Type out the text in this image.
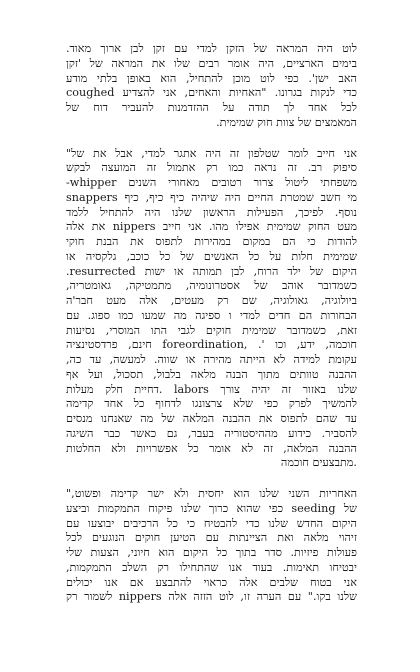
לוט היה המראה של הזקן למדי עם זקן לבן ארוך מאוד.
בימים הארציים, היה אומר רבים שלו את המראה של 'זקן
האב ישן'. כפי לוט מוכן להתחיל, הוא באופן בלתי מודע
כדי לנקות בגרונו. "האחיות והאחים, אני להצדיע coughed
לכל אחד לך תודה על ההזדמנות להעביר דוח של
המאמצים של צוות חוק שמימית.
אני חייב לומר שטלפון זה היה אתגר למדי, אבל את של"
סיפוק רב. זה נראה כמו רק אתמול זה המועצה לבקש
-whipper משפחתי ליטול צרור רטובים מאחורי השנים
מי חשב שמטרת החיים היה שיהיה כיף כיף, כיף snappers
נוסף. לפיכך, הפעילות הראשון שלנו היה להתחיל ללמד
מעט החוק שמימית אפילו מהו. אני חייב nippers את אלה
להודות כי הם במקום במהירות לתפוס את הבנת חוקי
שמימית חלות על כל האנשים של כל כוכב, גלקסיה או
.resurrected היקום של ילד הרוח, לבן תמותה או ישות
כשמדובר אוהב של אסטרונומיה, מתמטיקה, גאומטריה,
ביולוגיה, גאולוגיה, שם רק מעטים, אלה מעט חבר'ה
הבחורות הם חדים למדי ו ספיגה מה שמעו כמו ספוג. עם
זאת, כשמדובר שמימית חוקים לגבי התו המוסרי, נסיעות
חוכמה, ידע, וכו '. ,foreordination חינם, פרדסטינציה
עקומת למידה לא הייתה מהירה או שווה. למעשה, עד כה,
ההבנה טוותים מתוך הבנה מלאה בלבול, תסכול, ועל אף
שלנו באזור זה יהיה צורך labors .דחיית חלק מעלות
להמשיך לפרק כפי שלא צרצונגו לדחוף כל אחד קדימה
עד שהם לתפוס את ההבנה המלאה של מה שאנחנו מנסים
להסביר. כידוע מההיסטוריה בעבר, גם כאשר כבר השיגה
ההבנה המלאה, זה לא אומר כל אפשרויות ולא החלטות
.מתבצעים חוכמה
האחריות השני שלנו הוא יחסית ולא ישר קדימה ופשוט,"
של seeding כפי שהוא כרוך שלנו פיקוח התמקמות וביצע
היקום החדש שלנו כדי להבטיח כי כל הרכיבים יבוצעו עם
זיהוי מלאה ואת הציינתות עם הטיען חוקים הנוגעים לכל
פעולות פיזיות. סדר בתוך כל היקום הוא חיוני, הצעות שלי
יבטיחו תאימות. בעוד אנו שהתחילו רק השלב התמקמות,
אני בטוח שלבים אלה כראוי להתבצע אם אנו יכולים
שלנו בקו." עם הערה זו, לוט הזזה אלה nippers לשמור רק
